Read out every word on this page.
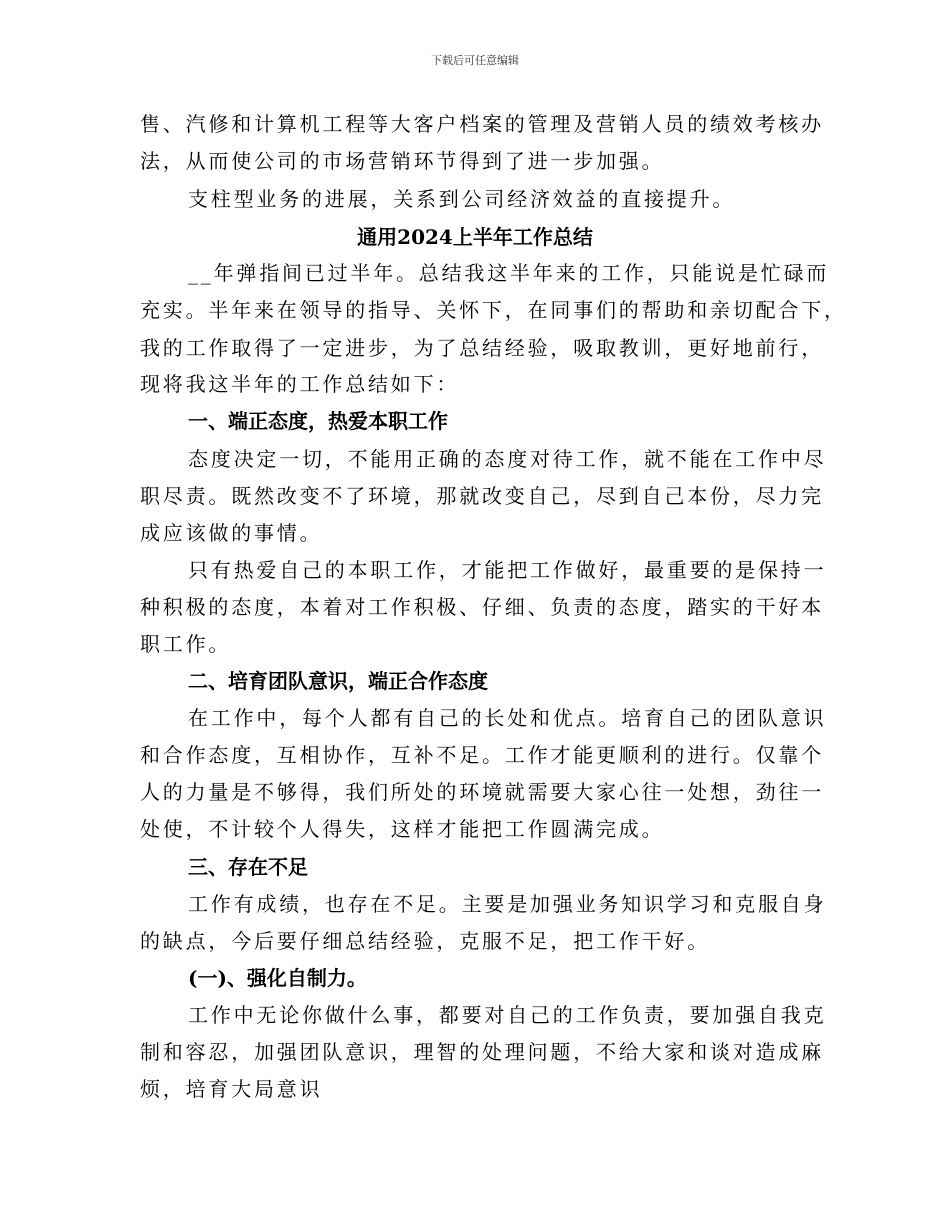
下载后可任意编辑
售、汽修和计算机工程等大客户档案的管理及营销人员的绩效考核办
法，从而使公司的市场营销环节得到了进一步加强。
支柱型业务的进展，关系到公司经济效益的直接提升。
通用2024上半年工作总结
__年弹指间已过半年。总结我这半年来的工作，只能说是忙碌而
充实。半年来在领导的指导、关怀下，在同事们的帮助和亲切配合下，
我的工作取得了一定进步，为了总结经验，吸取教训，更好地前行，
现将我这半年的工作总结如下：
一、端正态度，热爱本职工作
态度决定一切，不能用正确的态度对待工作，就不能在工作中尽
职尽责。既然改变不了环境，那就改变自己，尽到自己本份，尽力完
成应该做的事情。
只有热爱自己的本职工作，才能把工作做好，最重要的是保持一
种积极的态度，本着对工作积极、仔细、负责的态度，踏实的干好本
职工作。
二、培育团队意识，端正合作态度
在工作中，每个人都有自己的长处和优点。培育自己的团队意识
和合作态度，互相协作，互补不足。工作才能更顺利的进行。仅靠个
人的力量是不够得，我们所处的环境就需要大家心往一处想，劲往一
处使，不计较个人得失，这样才能把工作圆满完成。
三、存在不足
工作有成绩，也存在不足。主要是加强业务知识学习和克服自身
的缺点，今后要仔细总结经验，克服不足，把工作干好。
(一)、强化自制力。
工作中无论你做什么事，都要对自己的工作负责，要加强自我克
制和容忍，加强团队意识，理智的处理问题，不给大家和谈对造成麻
烦，培育大局意识
